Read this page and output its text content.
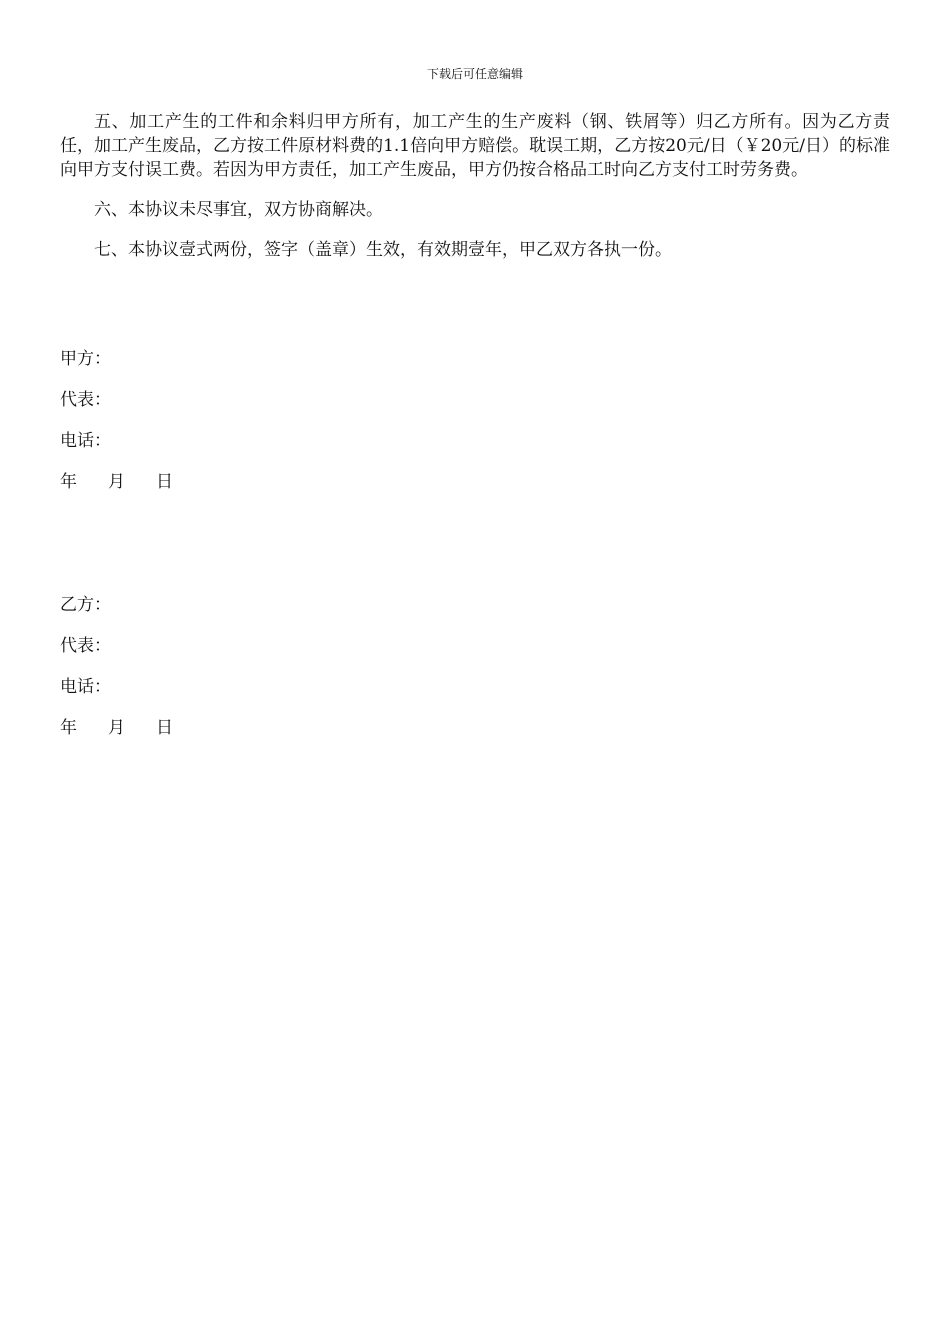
下载后可任意编辑

五、加工产生的工件和余料归甲方所有，加工产生的生产废料（钢、铁屑等）归乙方所有。因为乙方责任，加工产生废品，乙方按工件原材料费的1.1倍向甲方赔偿。耽误工期，乙方按20元/日（￥20元/日）的标准向甲方支付误工费。若因为甲方责任，加工产生废品，甲方仍按合格品工时向乙方支付工时劳务费。

六、本协议未尽事宜，双方协商解决。

七、本协议壹式两份，签字（盖章）生效，有效期壹年，甲乙双方各执一份。

甲方：
代表：
电话：
年 月 日
乙方：
代表：
电话：
年 月 日
